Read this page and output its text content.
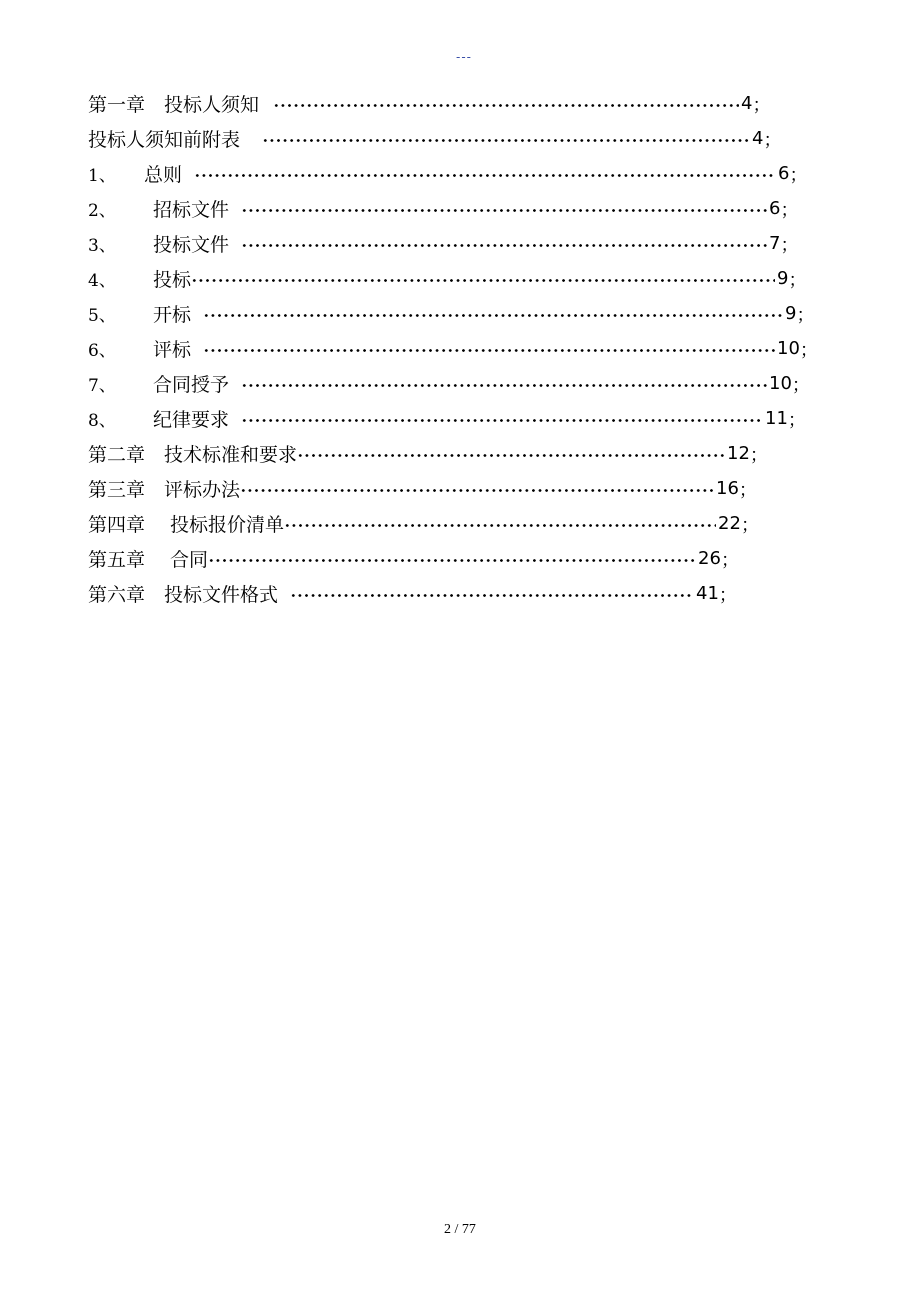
---
第一章　投标人须知	4 ；
投标人须知前附表	4 ；
1、	总则	6 ；
2、	招标文件	6 ；
3、	投标文件	7 ；
4、	投标	9 ；
5、	开标	9 ；
6、	评标	10 ；
7、	合同授予	10 ；
8、	纪律要求	11 ；
第二章　技术标准和要求	12 ；
第三章　评标办法	16 ；
第四章　 投标报价清单	22 ；
第五章　 合同	26 ；
第六章　投标文件格式	41 ；
2 / 77
